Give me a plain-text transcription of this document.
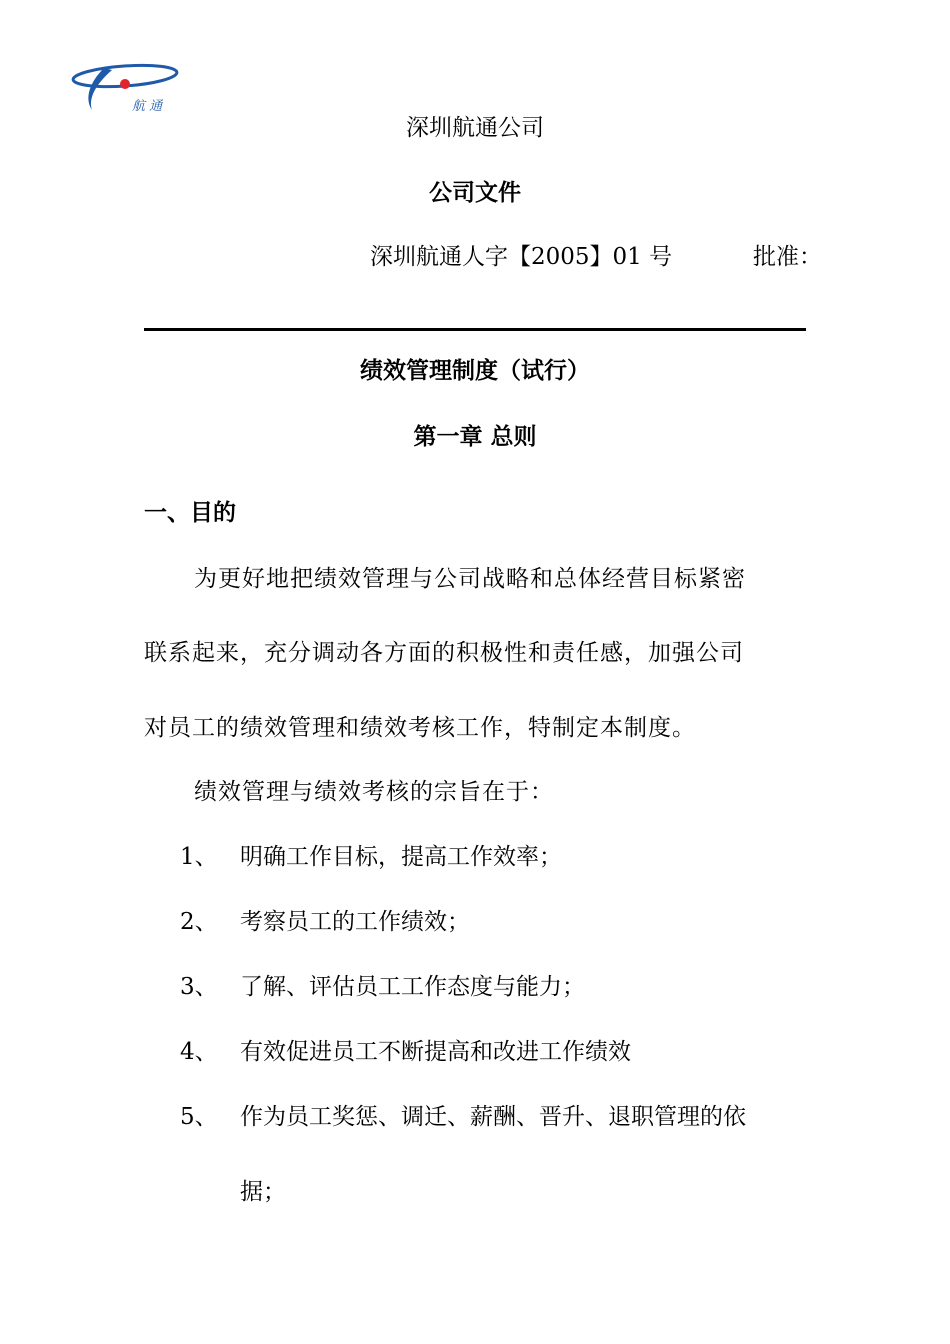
航 通
深圳航通公司
公司文件
深圳航通人字【2005】01 号	批准：
绩效管理制度（试行）
第一章 总则
一、目的
为更好地把绩效管理与公司战略和总体经营目标紧密
联系起来，充分调动各方面的积极性和责任感，加强公司
对员工的绩效管理和绩效考核工作，特制定本制度。
绩效管理与绩效考核的宗旨在于：
1、 明确工作目标，提高工作效率；
2、 考察员工的工作绩效；
3、 了解、评估员工工作态度与能力；
4、 有效促进员工不断提高和改进工作绩效
5、 作为员工奖惩、调迁、薪酬、晋升、退职管理的依
据；
